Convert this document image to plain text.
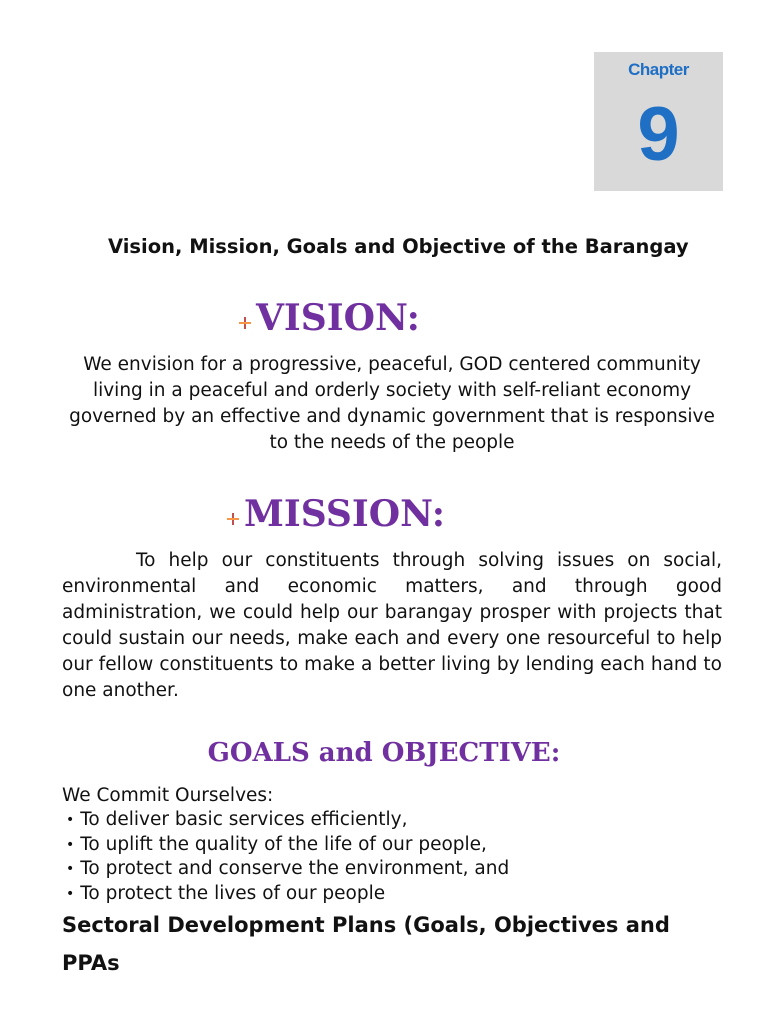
Chapter
9
Vision, Mission, Goals and Objective of the Barangay
VISION:
We envision for a progressive, peaceful, GOD centered community living in a peaceful and orderly society with self-reliant economy governed by an effective and dynamic government that is responsive to the needs of the people
MISSION:
To help our constituents through solving issues on social, environmental and economic matters, and through good administration, we could help our barangay prosper with projects that could sustain our needs, make each and every one resourceful to help our fellow constituents to make a better living by lending each hand to one another.
GOALS and OBJECTIVE:
We Commit Ourselves:
• To deliver basic services efficiently,
• To uplift the quality of the life of our people,
• To protect and conserve the environment, and
• To protect the lives of our people
Sectoral Development Plans (Goals, Objectives and PPAs
